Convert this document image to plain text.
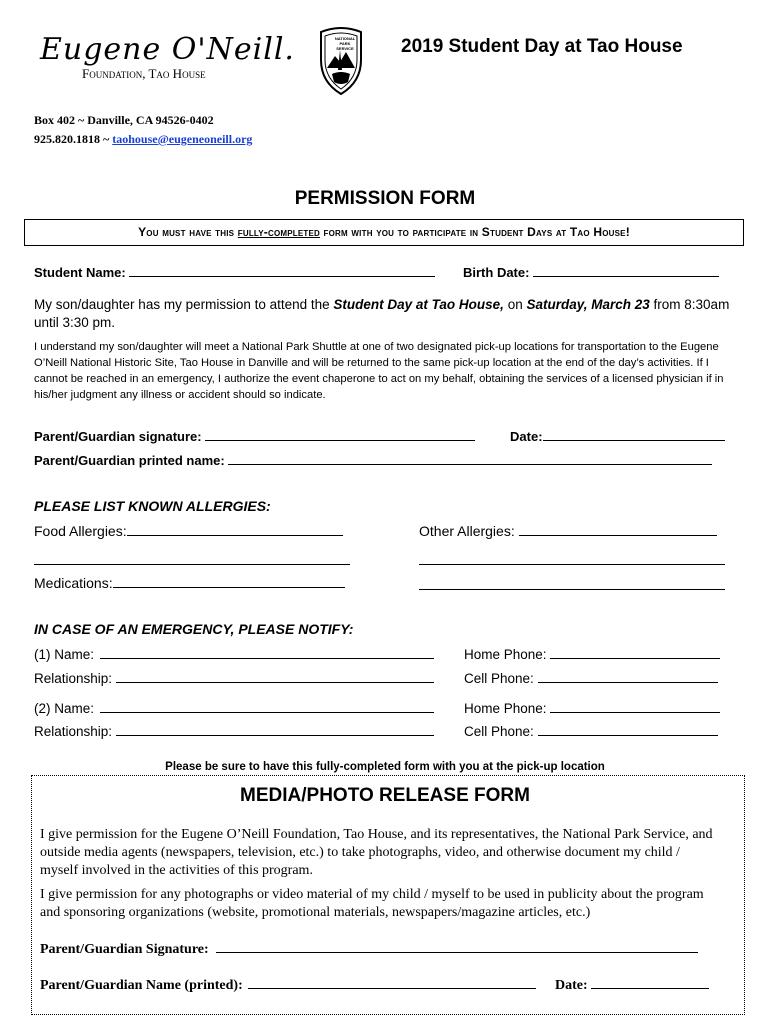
Eugene O'Neill.
Foundation, Tao House
NATIONAL PARK SERVICE 2019 Student Day at Tao House
Box 402 ~ Danville, CA 94526-0402
925.820.1818 ~ taohouse@eugeneoneill.org
PERMISSION FORM
You must have this fully-completed form with you to participate in Student Days at Tao House!
Student Name:	Birth Date:
My son/daughter has my permission to attend the Student Day at Tao House, on Saturday, March 23 from 8:30am until 3:30 pm.
I understand my son/daughter will meet a National Park Shuttle at one of two designated pick-up locations for transportation to the Eugene O’Neill National Historic Site, Tao House in Danville and will be returned to the same pick-up location at the end of the day’s activities. If I cannot be reached in an emergency, I authorize the event chaperone to act on my behalf, obtaining the services of a licensed physician if in his/her judgment any illness or accident should so indicate.
Parent/Guardian signature:	Date:
Parent/Guardian printed name:
PLEASE LIST KNOWN ALLERGIES:
Food Allergies:	Other Allergies:
Medications:
IN CASE OF AN EMERGENCY, PLEASE NOTIFY:
(1) Name:	Home Phone:
Relationship:	Cell Phone:
(2) Name:	Home Phone:
Relationship:	Cell Phone:
Please be sure to have this fully-completed form with you at the pick-up location
MEDIA/PHOTO RELEASE FORM
I give permission for the Eugene O’Neill Foundation, Tao House, and its representatives, the National Park Service, and outside media agents (newspapers, television, etc.) to take photographs, video, and otherwise document my child / myself involved in the activities of this program.
I give permission for any photographs or video material of my child / myself to be used in publicity about the program and sponsoring organizations (website, promotional materials, newspapers/magazine articles, etc.)
Parent/Guardian Signature:
Parent/Guardian Name (printed):	Date:
